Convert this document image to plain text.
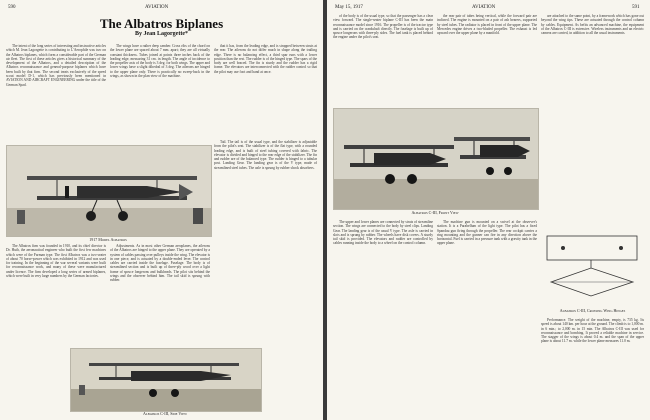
590	AVIATION
The Albatros Biplanes
By Jean Lagorgette*

The intent of the long series of interesting and instructive articles which M. Jean Lagorgette is contributing to L'Aerophile was two on the Albatros biplanes, which form a considerable part of the German air fleet. The first of these articles gives a historical summary of the development of the Albatros, and a detailed description of the Albatros reconnaissance and general-purpose biplanes which have been built by that firm. The second treats exclusively of the speed scout model D-1, which has previously been mentioned in AVIATION AND AIRCRAFT ENGINEERING under the title of the German Spad.

The wings have a rather deep camber. Cross ribs of the chord on the lower plane are spaced about 7 mm. apart; they are all virtually constant thickness. Tubes joined at points three inches back of the leading edge, measuring 31 cm. in length. The angle of incidence to the propeller axis of the body is 3 deg. for both wings. The upper and lower wings have a slight dihedral of 3 deg. The ailerons are hinged to the upper plane only. There is practically no sweep-back in the wings, as shown in the plan view of the machine.

that it has, from the leading edge, and is strapped between struts at the rear. The ailerons do not differ much in shape along the trailing edge. There is no balancing effect, a third spar runs with a lower position than the rest. The rudder is of the hinged type. The spars of the body are well braced. The fin is sturdy and the rudder has a rigid frame. The elevators are interconnected with the rudder control so that the pilot may use foot and hand at once.

1917 Model Albatros

The Albatros firm was founded in 1910, and its chief director is Dr. Huth, the aeronautical engineer who built the first few machines which were of the Farman type. The first Albatros was a two-seater of about 70 horse-power which was exhibited in 1912 and was used for training. In the beginning of the war several variants were built for reconnaissance work, and many of these were manufactured under licence. The firm developed a long series of armed biplanes, which were built in very large numbers by the German factories.

Adjustments. As in most other German aeroplanes, the ailerons of the Albatros are hinged to the upper plane. They are operated by a system of cables passing over pulleys inside the wing. The elevator is in one piece, and is actuated by a double-ended lever. The control cables are carried inside the fuselage. Fuselage. The body is of streamlined section and is built up of three-ply wood over a light frame of spruce longerons and bulkheads. The pilot sits behind the wings and the observer behind him. The tail skid is sprung with rubber.

Tail. The tail is of the usual type, and the stabilizer is adjustable from the pilot's seat. The stabilizer is of the flat type, with a rounded leading edge, and is built of steel tubing covered with fabric. The elevator is divided and hinged to the rear edge of the stabilizer. The fin and rudder are of the balanced type. The rudder is hinged to a tubular post. Landing Gear. The landing gear is of the V type, made of streamlined steel tubes. The axle is sprung by rubber shock absorbers.

Albatros C-III, Side View
May 15, 1917	AVIATION	591

of the body is of the usual type, so that the passenger has a clear view forward. The single-seater biplane C-III has been the main reconnaissance model since 1916. The propeller is of the tractor type and is carried on the crankshaft directly. The fuselage is built up of spruce longerons with three-ply sides. The fuel tank is placed behind the engine under the pilot's seat.

the rear pair of tubes being vertical, while the forward pair are inclined. The engine is mounted on a pair of ash bearers, supported by steel tubes. The radiator is placed in front of the upper plane. The Mercedes engine drives a two-bladed propeller. The exhaust is led upward over the upper plane by a manifold.

are attached to the same point, by a framework which has gone out beyond the wing tips. These are actuated through the control column by cables. Equipment. As befits an advanced machine, the equipment of the Albatros C-III is extensive. Wireless instruments and an electric camera are carried, in addition to all the usual instruments.

Albatros C-III, Front View
Albatros C-III, Crossing Wing Hinges

The upper and lower planes are connected by struts of streamline section. The wings are connected to the body by steel clips. Landing Gear. The landing gear is of the usual V type. The axle is carried in slots and is sprung by rubber. The wheels have disk covers. A sturdy tail skid is provided. The elevators and rudder are controlled by cables running inside the body to a wheel on the control column.

The machine gun is mounted on a swivel at the observer's station. It is a Parabellum of the light type. The pilot has a fixed Spandau gun firing through the propeller. The rear cockpit carries a ring mounting and the gunner can fire in any direction above the horizontal. Fuel is carried in a pressure tank with a gravity tank in the upper plane.

Performance. The weight of the machine, empty, is 735 kg. Its speed is about 140 km. per hour at the ground. The climb is to 1,000 m. in 6 min.; to 2,000 m. in 15 min. The Albatros C-III was used for reconnaissance and bombing. It proved a reliable machine in service. The stagger of the wings is about 0.4 m. and the span of the upper plane is about 11.7 m. while the lower plane measures 11.0 m.
